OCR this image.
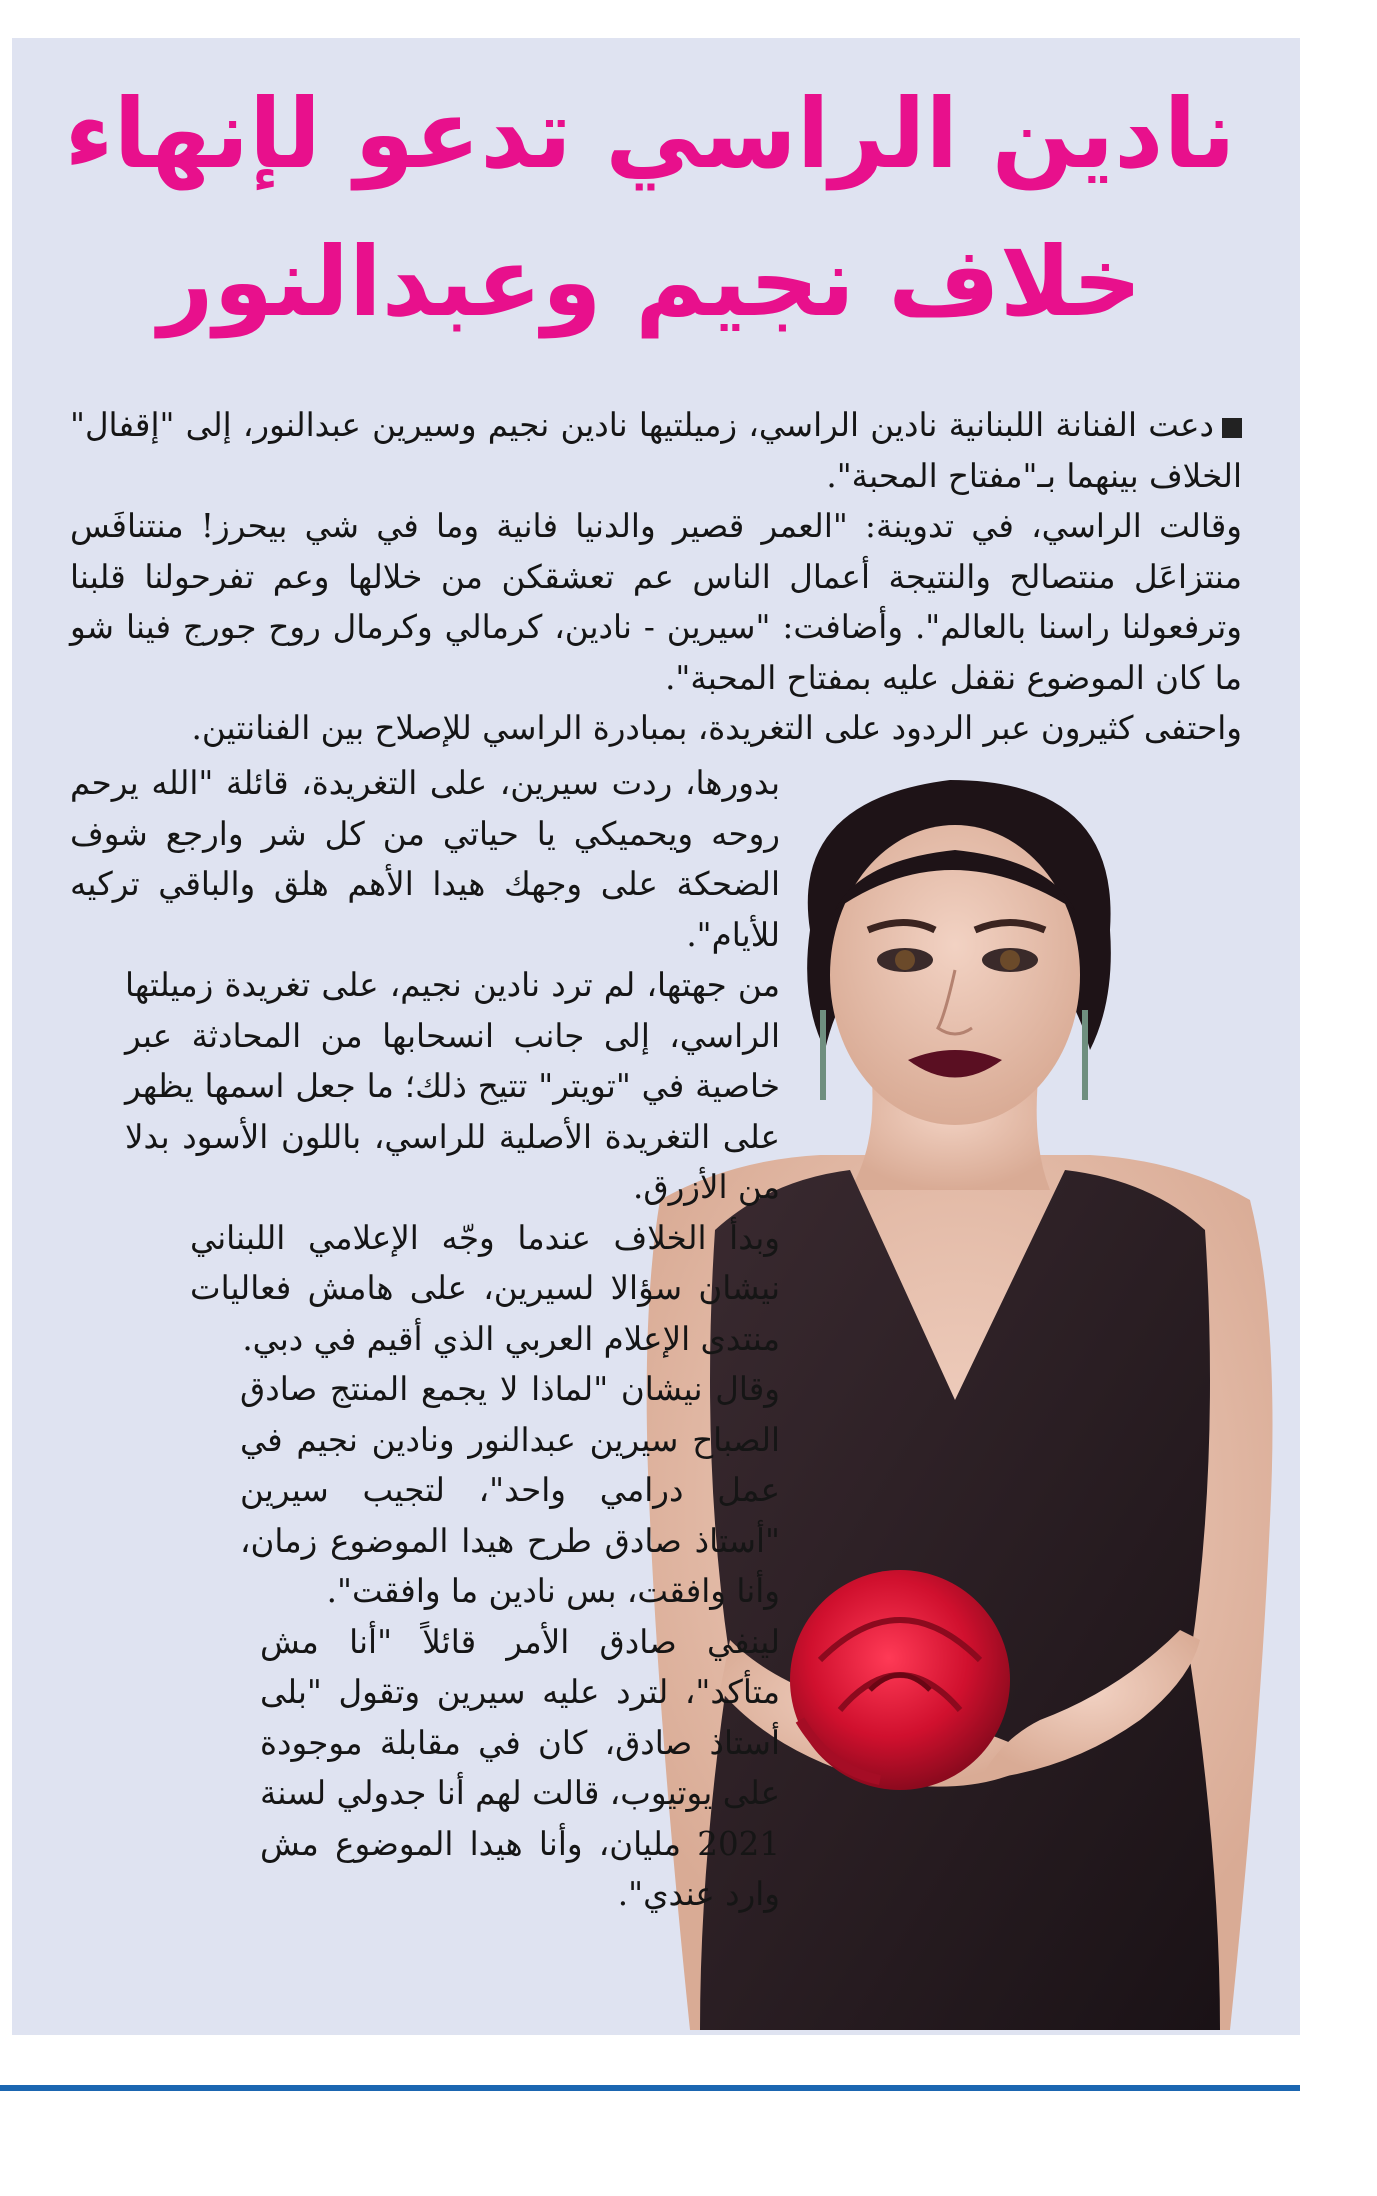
نادين الراسي تدعو لإنهاء
خلاف نجيم وعبدالنور

دعت الفنانة اللبنانية نادين الراسي، زميلتيها نادين نجيم وسيرين عبدالنور، إلى "إقفال" الخلاف بينهما بـ"مفتاح المحبة".

وقالت الراسي، في تدوينة: "العمر قصير والدنيا فانية وما في شي بيحرز! منتنافَس منتزاعَل منتصالح والنتيجة أعمال الناس عم تعشقكن من خلالها وعم تفرحولنا قلبنا وترفعولنا راسنا بالعالم". وأضافت: "سيرين - نادين، كرمالي وكرمال روح جورج فينا شو ما كان الموضوع نقفل عليه بمفتاح المحبة".

واحتفى كثيرون عبر الردود على التغريدة، بمبادرة الراسي للإصلاح بين الفنانتين.

بدورها، ردت سيرين، على التغريدة، قائلة "الله يرحم روحه ويحميكي يا حياتي من كل شر وارجع شوف الضحكة على وجهك هيدا الأهم هلق والباقي تركيه للأيام".

من جهتها، لم ترد نادين نجيم، على تغريدة زميلتها الراسي، إلى جانب انسحابها من المحادثة عبر خاصية في "تويتر" تتيح ذلك؛ ما جعل اسمها يظهر على التغريدة الأصلية للراسي، باللون الأسود بدلا من الأزرق.

وبدأ الخلاف عندما وجّه الإعلامي اللبناني نيشان سؤالا لسيرين، على هامش فعاليات منتدى الإعلام العربي الذي أقيم في دبي.

وقال نيشان "لماذا لا يجمع المنتج صادق الصباح سيرين عبدالنور ونادين نجيم في عمل درامي واحد"، لتجيب سيرين "أستاذ صادق طرح هيدا الموضوع زمان، وأنا وافقت، بس نادين ما وافقت".

لينفي صادق الأمر قائلاً "أنا مش متأكد"، لترد عليه سيرين وتقول "بلى أستاذ صادق، كان في مقابلة موجودة على يوتيوب، قالت لهم أنا جدولي لسنة 2021 مليان، وأنا هيدا الموضوع مش وارد عندي".
